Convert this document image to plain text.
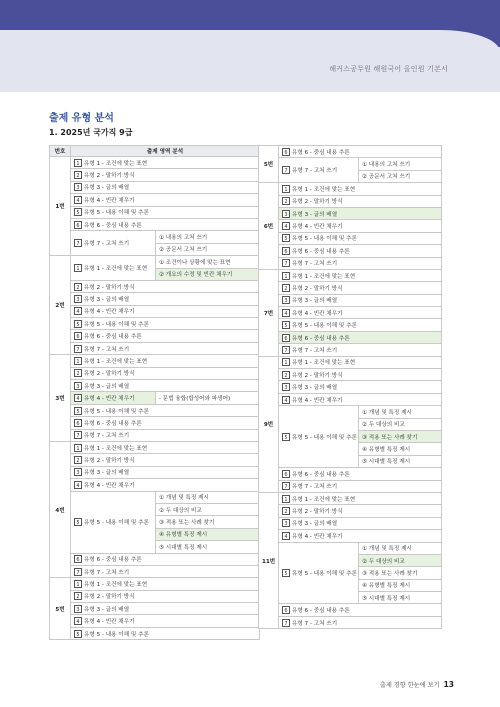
해커스공무원 해원국어 올인원 기본서
출제 유형 분석
1. 2025년 국가직 9급
번호	출제 영역 분석	
1번	1 유형 1 - 조건에 맞는 표현	
	2 유형 2 - 말하기 방식	
	3 유형 3 - 글의 배열	
	4 유형 4 - 빈칸 채우기	
	5 유형 5 - 내용 이해 및 추론	
	6 유형 6 - 중심 내용 추론	
	7 유형 7 - 고쳐 쓰기	① 내용의 고쳐 쓰기
		② 공문서 고쳐 쓰기
2번	1 유형 1 - 조건에 맞는 표현	① 조건이나 상황에 맞는 표현
		② 개요의 수정 및 빈칸 채우기
	2 유형 2 - 말하기 방식	
	3 유형 3 - 글의 배열	
	4 유형 4 - 빈칸 채우기	
	5 유형 5 - 내용 이해 및 추론	
	6 유형 6 - 중심 내용 추론	
	7 유형 7 - 고쳐 쓰기	
3번	1 유형 1 - 조건에 맞는 표현	
	2 유형 2 - 말하기 방식	
	3 유형 3 - 글의 배열	
	4 유형 4 - 빈칸 채우기	- 문법 융합(합성어와 파생어)
	5 유형 5 - 내용 이해 및 추론	
	6 유형 6 - 중심 내용 추론	
	7 유형 7 - 고쳐 쓰기	
4번	1 유형 1 - 조건에 맞는 표현	
	2 유형 2 - 말하기 방식	
	3 유형 3 - 글의 배열	
	4 유형 4 - 빈칸 채우기	
	5 유형 5 - 내용 이해 및 추론	① 개념 및 특징 제시
		② 두 대상의 비교
		③ 적용 또는 사례 찾기
		④ 유형별 특징 제시
		⑤ 시대별 특징 제시
	6 유형 6 - 중심 내용 추론	
	7 유형 7 - 고쳐 쓰기	
5번	1 유형 1 - 조건에 맞는 표현	
	2 유형 2 - 말하기 방식	
	3 유형 3 - 글의 배열	
	4 유형 4 - 빈칸 채우기	
	5 유형 5 - 내용 이해 및 추론	
5번	6 유형 6 - 중심 내용 추론	
	7 유형 7 - 고쳐 쓰기	① 내용의 고쳐 쓰기
		② 공문서 고쳐 쓰기
6번	1 유형 1 - 조건에 맞는 표현	
	2 유형 2 - 말하기 방식	
	3 유형 3 - 글의 배열	
	4 유형 4 - 빈칸 채우기	
	5 유형 5 - 내용 이해 및 추론	
	6 유형 6 - 중심 내용 추론	
	7 유형 7 - 고쳐 쓰기	
7번	1 유형 1 - 조건에 맞는 표현	
	2 유형 2 - 말하기 방식	
	3 유형 3 - 글의 배열	
	4 유형 4 - 빈칸 채우기	
	5 유형 5 - 내용 이해 및 추론	
	6 유형 6 - 중심 내용 추론	
	7 유형 7 - 고쳐 쓰기	
9번	1 유형 1 - 조건에 맞는 표현	
	2 유형 2 - 말하기 방식	
	3 유형 3 - 글의 배열	
	4 유형 4 - 빈칸 채우기	
	5 유형 5 - 내용 이해 및 추론	① 개념 및 특징 제시
		② 두 대상의 비교
		③ 적용 또는 사례 찾기
		④ 유형별 특징 제시
		⑤ 시대별 특징 제시
	6 유형 6 - 중심 내용 추론	
	7 유형 7 - 고쳐 쓰기	
11번	1 유형 1 - 조건에 맞는 표현	
	2 유형 2 - 말하기 방식	
	3 유형 3 - 글의 배열	
	4 유형 4 - 빈칸 채우기	
	5 유형 5 - 내용 이해 및 추론	① 개념 및 특징 제시
		② 두 대상의 비교
		③ 적용 또는 사례 찾기
		④ 유형별 특징 제시
		⑤ 시대별 특징 제시
	6 유형 6 - 중심 내용 추론	
	7 유형 7 - 고쳐 쓰기	
출제 경향 한눈에 보기 13
